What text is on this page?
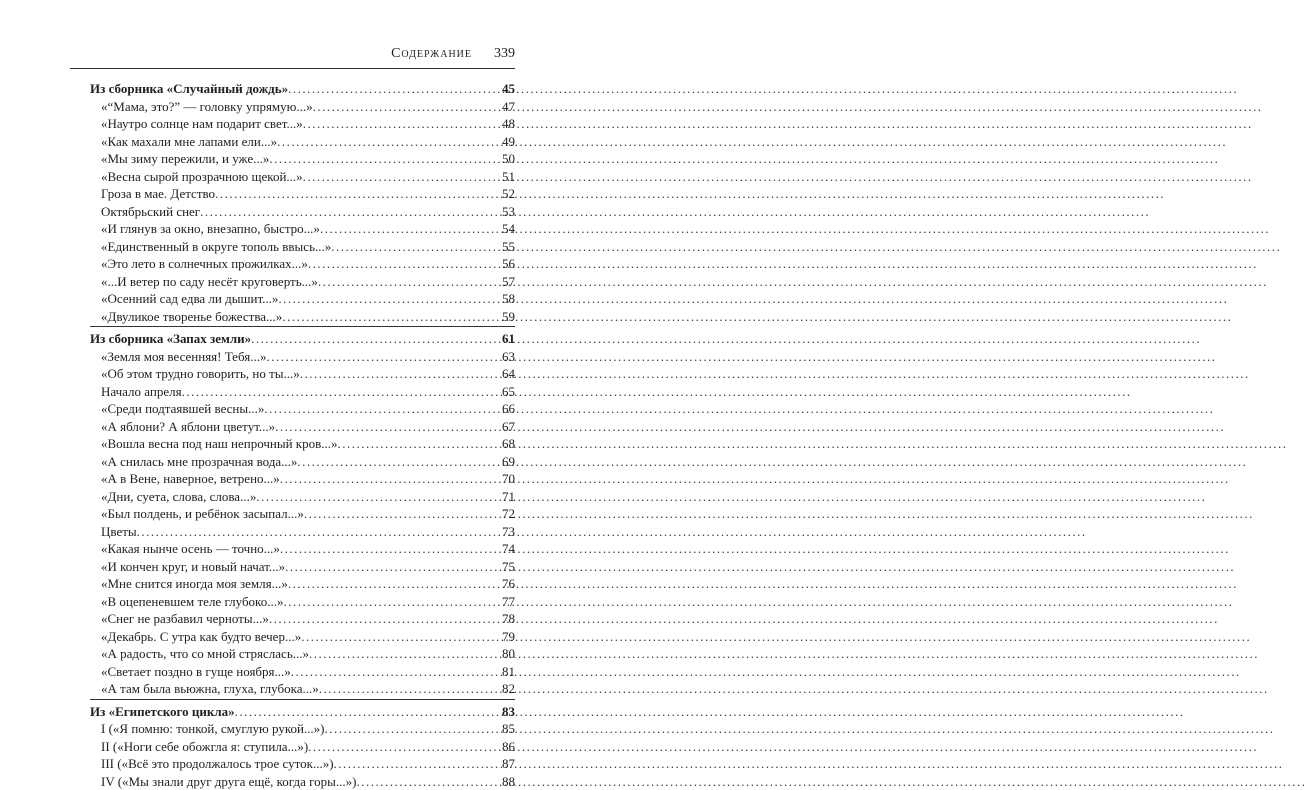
Содержание 339
Из сборника «Случайный дождь» .....	45
«“Мама, это?” — головку упрямую...» .....	47
«Наутро солнце нам подарит свет...» .....	48
«Как махали мне лапами ели...» .....	49
«Мы зиму пережили, и уже...» .....	50
«Весна сырой прозрачною щекой...» .....	51
Гроза в мае. Детство .....	52
Октябрьский снег .....	53
«И глянув за окно, внезапно, быстро...» .....	54
«Единственный в округе тополь ввысь...» .....	55
«Это лето в солнечных прожилках...» .....	56
«...И ветер по саду несёт круговерть...» .....	57
«Осенний сад едва ли дышит...» .....	58
«Двуликое творенье божества...» .....	59
Из сборника «Запах земли» .....	61
«Земля моя весенняя! Тебя...» .....	63
«Об этом трудно говорить, но ты...» .....	64
Начало апреля .....	65
«Среди подтаявшей весны...» .....	66
«А яблони? А яблони цветут...» .....	67
«Вошла весна под наш непрочный кров...» .....	68
«А снилась мне прозрачная вода...» .....	69
«А в Вене, наверное, ветрено...» .....	70
«Дни, суета, слова, слова...» .....	71
«Был полдень, и ребёнок засыпал...» .....	72
Цветы .....	73
«Какая нынче осень — точно...» .....	74
«И кончен круг, и новый начат...» .....	75
«Мне снится иногда моя земля...» .....	76
«В оцепеневшем теле глубоко...» .....	77
«Снег не разбавил черноты...» .....	78
«Декабрь. С утра как будто вечер...» .....	79
«А радость, что со мной стряслась...» .....	80
«Светает поздно в гуще ноября...» .....	81
«А там была вьюжна, глуха, глубока...» .....	82
Из «Египетского цикла» .....	83
I («Я помню: тонкой, смуглую рукой...») .....	85
II («Ноги себе обожгла я: ступила...») .....	86
III («Всё это продолжалось трое суток...») .....	87
IV («Мы знали друг друга ещё, когда горы...») .....	88
